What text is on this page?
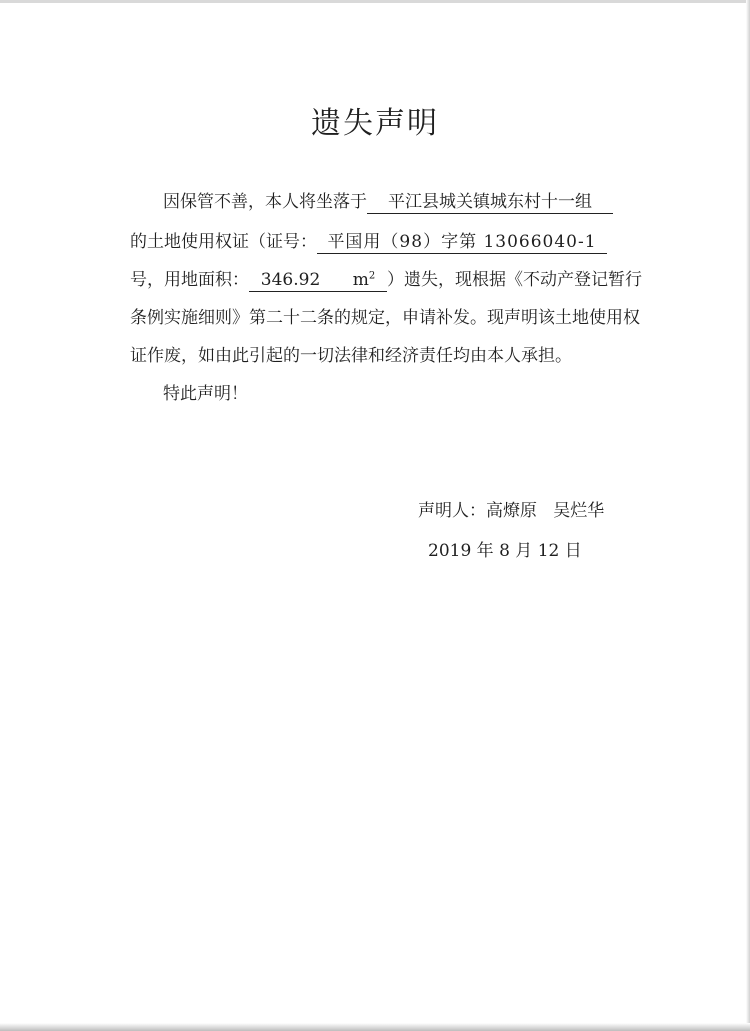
遗失声明
因保管不善，本人将坐落于 平江县城关镇城东村十一组
的土地使用权证（证号： 平国用（98）字第 13066040-1
号，用地面积： 346.92 $m^2$ ）遗失，现根据《不动产登记暂行
条例实施细则》第二十二条的规定，申请补发。现声明该土地使用权
证作废，如由此引起的一切法律和经济责任均由本人承担。
特此声明！
声明人：高燎原   吴烂华
2019 年 8 月 12 日
